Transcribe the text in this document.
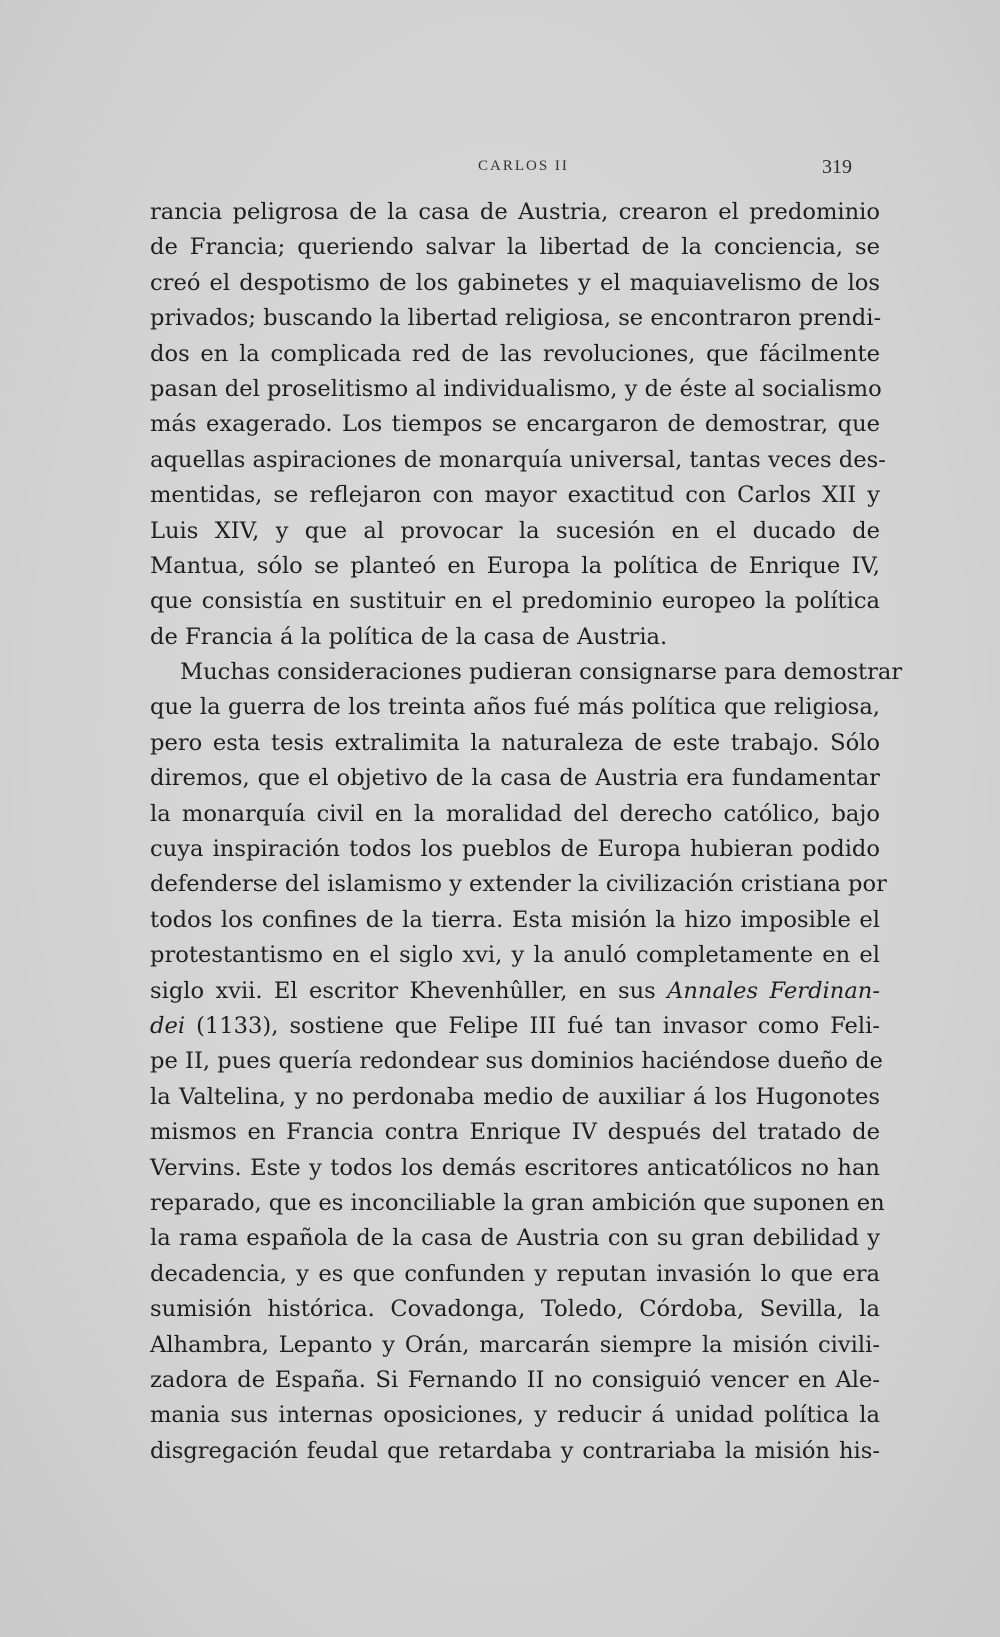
CARLOS II	319
rancia peligrosa de la casa de Austria, crearon el predominio
de Francia; queriendo salvar la libertad de la conciencia, se
creó el despotismo de los gabinetes y el maquiavelismo de los
privados; buscando la libertad religiosa, se encontraron prendi-
dos en la complicada red de las revoluciones, que fácilmente
pasan del proselitismo al individualismo, y de éste al socialismo
más exagerado. Los tiempos se encargaron de demostrar, que
aquellas aspiraciones de monarquía universal, tantas veces des-
mentidas, se reflejaron con mayor exactitud con Carlos XII y
Luis XIV, y que al provocar la sucesión en el ducado de
Mantua, sólo se planteó en Europa la política de Enrique IV,
que consistía en sustituir en el predominio europeo la política
de Francia á la política de la casa de Austria.
Muchas consideraciones pudieran consignarse para demostrar
que la guerra de los treinta años fué más política que religiosa,
pero esta tesis extralimita la naturaleza de este trabajo. Sólo
diremos, que el objetivo de la casa de Austria era fundamentar
la monarquía civil en la moralidad del derecho católico, bajo
cuya inspiración todos los pueblos de Europa hubieran podido
defenderse del islamismo y extender la civilización cristiana por
todos los confines de la tierra. Esta misión la hizo imposible el
protestantismo en el siglo xvi, y la anuló completamente en el
siglo xvii. El escritor Khevenhûller, en sus Annales Ferdinan-
dei (1133), sostiene que Felipe III fué tan invasor como Feli-
pe II, pues quería redondear sus dominios haciéndose dueño de
la Valtelina, y no perdonaba medio de auxiliar á los Hugonotes
mismos en Francia contra Enrique IV después del tratado de
Vervins. Este y todos los demás escritores anticatólicos no han
reparado, que es inconciliable la gran ambición que suponen en
la rama española de la casa de Austria con su gran debilidad y
decadencia, y es que confunden y reputan invasión lo que era
sumisión histórica. Covadonga, Toledo, Córdoba, Sevilla, la
Alhambra, Lepanto y Orán, marcarán siempre la misión civili-
zadora de España. Si Fernando II no consiguió vencer en Ale-
mania sus internas oposiciones, y reducir á unidad política la
disgregación feudal que retardaba y contrariaba la misión his-
